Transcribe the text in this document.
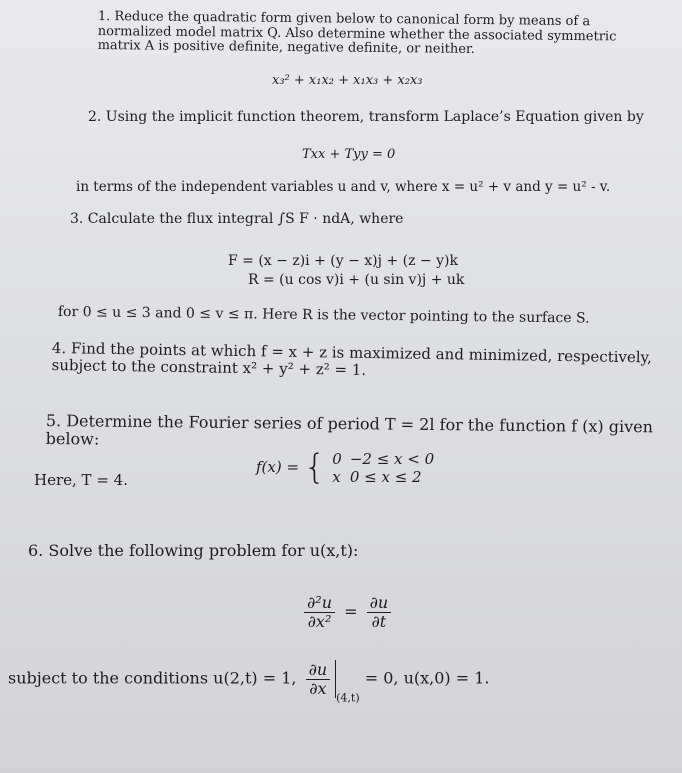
1. Reduce the quadratic form given below to canonical form by means of a normalized model matrix Q. Also determine whether the associated symmetric matrix A is positive definite, negative definite, or neither.
x₃² + x₁x₂ + x₁x₃ + x₂x₃
2. Using the implicit function theorem, transform Laplace’s Equation given by
Txx + Tyy = 0
in terms of the independent variables u and v, where x = u² + v and y = u² - v.
3. Calculate the flux integral ∫S F · ndA, where
F = (x − z)i + (y − x)j + (z − y)k
R = (u cos v)i + (u sin v)j + uk
for 0 ≤ u ≤ 3 and 0 ≤ v ≤ π. Here R is the vector pointing to the surface S.
4. Find the points at which f = x + z is maximized and minimized, respectively, subject to the constraint x² + y² + z² = 1.
5. Determine the Fourier series of period T = 2l for the function f (x) given below:
f(x) = { 0	−2 ≤ x < 0
x	0 ≤ x ≤ 2
Here, T = 4.
6. Solve the following problem for u(x,t):
$\frac{\text{∂²u}}{\text{∂x²}} = \frac{\partial u}{\partial t}$
subject to the conditions u(2,t) = 1, $\frac{\partial u}{\partial x}$
$_{(4,t)}$ = 0, u(x,0) = 1.
